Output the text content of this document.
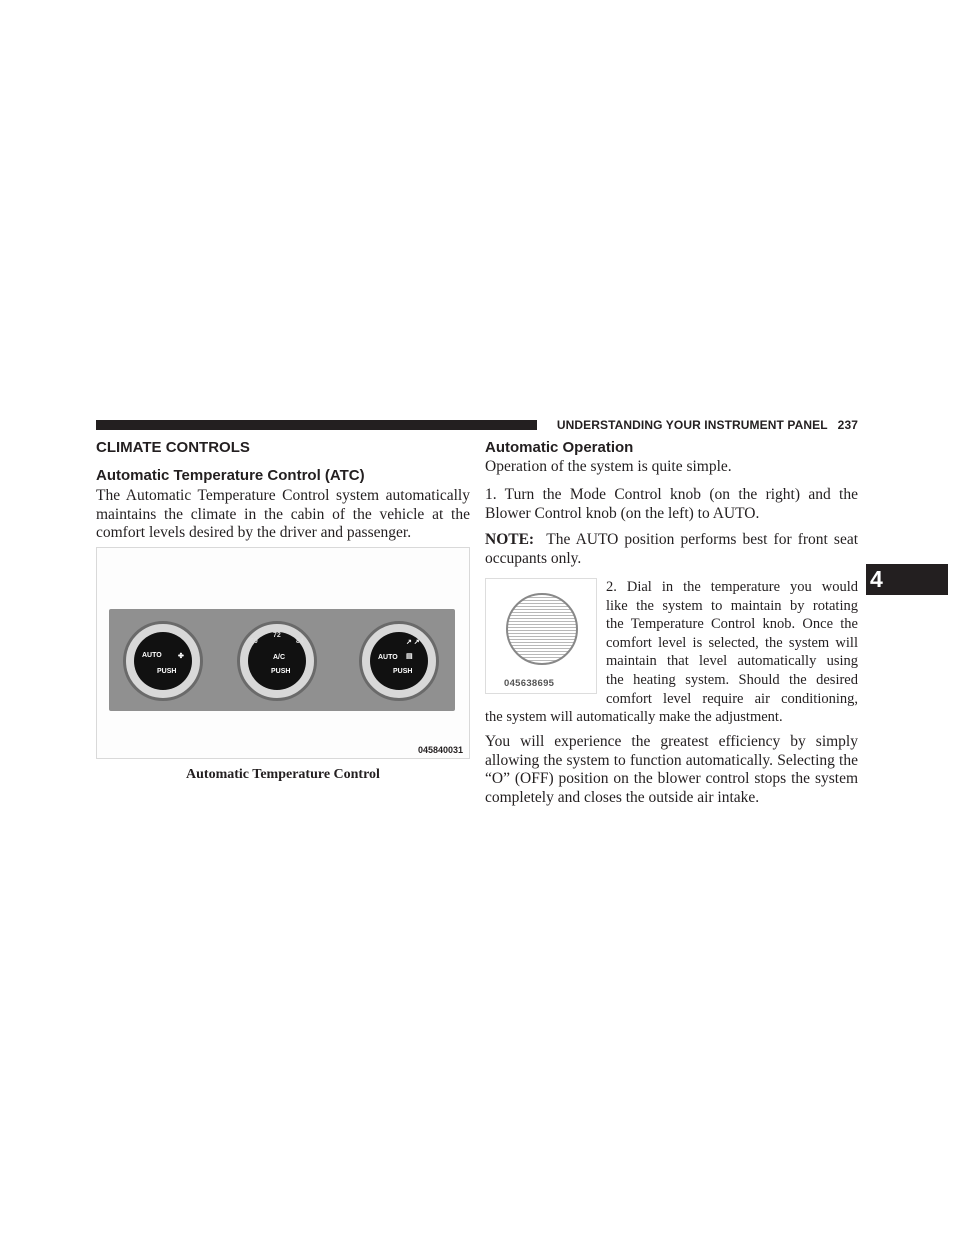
UNDERSTANDING YOUR INSTRUMENT PANEL 237
4
CLIMATE CONTROLS
Automatic Temperature Control (ATC)

The Automatic Temperature Control system automatically maintains the climate in the cabin of the vehicle at the comfort levels desired by the driver and passenger.

AUTO
PUSH
✤
60
72
84
A/C
PUSH
AUTO
PUSH
↗ ↗
▤
045840031
Automatic Temperature Control
Automatic Operation

Operation of the system is quite simple.

1. Turn the Mode Control knob (on the right) and the Blower Control knob (on the left) to AUTO.

NOTE: The AUTO position performs best for front seat occupants only.

045638695
2. Dial in the temperature you would
like the system to maintain by rotating
the Temperature Control knob. Once the
comfort level is selected, the system will
maintain that level automatically using
the heating system. Should the desired
comfort level require air conditioning,

the system will automatically make the adjustment.

You will experience the greatest efficiency by simply allowing the system to function automatically. Selecting the “O” (OFF) position on the blower control stops the system completely and closes the outside air intake.
